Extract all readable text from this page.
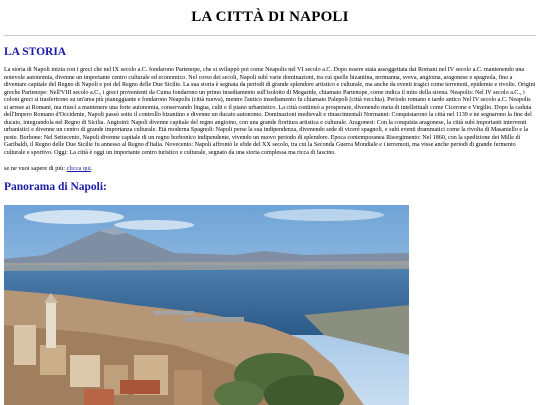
LA CITTÀ DI NAPOLI
LA STORIA

La storia di Napoli inizia con i greci che nel IX secolo a.C. fondarono Partenope, che si sviluppò poi come Neapolis nel VI secolo a.C. Dopo essere stata assoggettata dai Romani nel IV secolo a.C. mantenendo una notevole autonomia, divenne un importante centro culturale ed economico. Nel corso dei secoli, Napoli subì varie dominazioni, tra cui quelle bizantina, normanna, sveva, angioina, aragonese e spagnola, fino a diventare capitale del Regno di Napoli e poi del Regno delle Due Sicilie. La sua storia è segnata da periodi di grande splendore artistico e culturale, ma anche da eventi tragici come terremoti, epidemie e rivolte. Origini greche Partenope: Nell'VIII secolo a.C., i greci provenienti da Cuma fondarono un primo insediamento sull'isolotto di Megaride, chiamato Partenope, come indica il mito della sirena. Neapolis: Nel IV secolo a.C., i coloni greci si trasferirono su un'area più pianeggiante e fondarono Neapolis (città nuova), mentre l'antico insediamento fu chiamato Palepoli (città vecchia). Periodo romano e tardo antico Nel IV secolo a.C. Neapolis si arrese ai Romani, ma riuscì a mantenere una forte autonomia, conservando lingua, culti e il piano urbanistico. La città continuò a prosperare, divenendo meta di intellettuali come Cicerone e Virgilio. Dopo la caduta dell'Impero Romano d'Occidente, Napoli passò sotto il controllo bizantino e divenne un ducato autonomo. Dominazioni medievali e rinascimentali Normanni: Conquistarono la città nel 1139 e ne segnarono la fine del ducato, integrandola nel Regno di Sicilia. Angioini: Napoli divenne capitale del regno angioino, con una grande fioritura artistica e culturale. Aragonesi: Con la conquista aragonese, la città subì importanti interventi urbanistici e divenne un centro di grande importanza culturale. Età moderna Spagnoli: Napoli perse la sua indipendenza, divenendo sede di viceré spagnoli, e subì eventi drammatici come la rivolta di Masaniello e la peste. Borbone: Nel Settecento, Napoli divenne capitale di un regno borbonico indipendente, vivendo un nuovo periodo di splendore. Epoca contemporanea Risorgimento: Nel 1860, con la spedizione dei Mille di Garibaldi, il Regno delle Due Sicilie fu annesso al Regno d'Italia. Novecento: Napoli affrontò le sfide del XX secolo, tra cui la Seconda Guerra Mondiale e i terremoti, ma visse anche periodi di grande fermento culturale e sportivo. Oggi: La città è oggi un importante centro turistico e culturale, segnato da una storia complessa ma ricca di fascino.

se ne vuoi sapere di più: clicca qui.

Panorama di Napoli:
